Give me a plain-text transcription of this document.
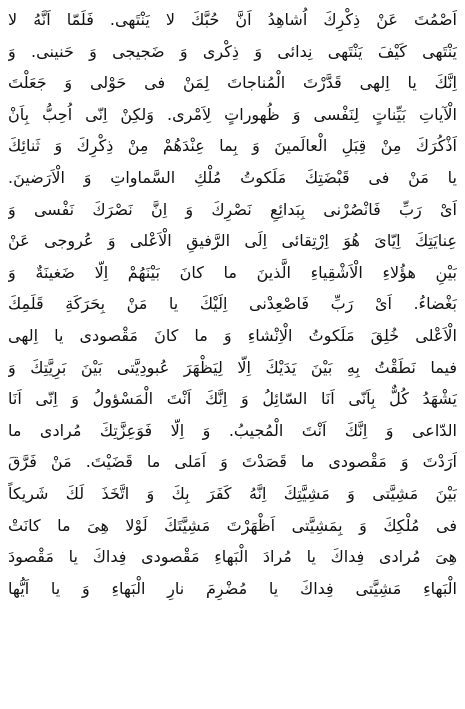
اَصْمُتَ عَنْ ذِكْرِكَ اُشاهِدُ اَنَّ حُبَّكَ لا يَنْتَهى. فَلَمّا اَنَّهُ لا
يَنْتَهى كَيْفَ يَنْتَهى نِدائى وَ ذِكْرى وَ ضَجيجى وَ حَنينى. وَ
اِنَّكَ يا اِلهى قَدَّرْتَ الْمُناجاتَ لِمَنْ فى حَوْلى وَ جَعَلْتَ
الْآياتِ بَيِّناتٍ لِنَفْسى وَ ظُهوراتٍ لِاَمْرى. وَلكِنْ اِنّى اُحِبُّ بِاَنْ
اَذْكُرَكَ مِنْ قِبَلِ الْعالَمينَ وَ بِما عِنْدَهُمْ مِنْ ذِكْرِكَ وَ ثَنائِكَ
يا مَنْ فى قَبْضَتِكَ مَلَكوتُ مُلْكِ السَّماواتِ وَ الْاَرَضينَ.
اَىْ رَبِّ فَانْصُرْنى بِبَدائِعِ نَصْرِكَ وَ اِنَّ نَصْرَكَ نَفْسى وَ
عِنايَتِكَ اِيّاىَ هُوَ اِرْتِقائى اِلَى الرَّفيقِ الْاَعْلى وَ عُروجى عَنْ
بَيْنِ هؤُلاءِ الْاَشْقِياءِ الَّذينَ ما كانَ بَيْنَهُمْ اِلّا ضَغينَةٌ وَ
بَغْضاءُ. اَىْ رَبِّ فَاصْعِدْنى اِلَيْكَ يا مَنْ بِحَرَكَةِ قَلَمِكَ
الْاَعْلى خُلِقَ مَلَكوتُ الْاِنْشاءِ وَ ما كانَ مَقْصودى يا اِلهى
فيما نَطَقْتُ بِهِ بَيْنَ يَدَيْكَ اِلّا لِيَظْهَرَ عُبودِيَّتى بَيْنَ بَرِيَّتِكَ وَ
يَشْهَدُ كُلٌّ بِاَنّى اَنَا السّائِلُ وَ اِنَّكَ اَنْتَ الْمَسْؤولُ وَ اِنّى اَنَا
الدّاعى وَ اِنَّكَ اَنْتَ الْمُجيبُ. وَ اِلّا فَوَعِزَّتِكَ مُرادى ما
اَرَدْتَ وَ مَقْصودى ما قَصَدْتَ وَ اَمَلى ما قَضَيْتَ. مَنْ فَرَّقَ
بَيْنَ مَشِيَّتى وَ مَشِيَّتِكَ اِنَّهُ كَفَرَ بِكَ وَ اتَّخَذَ لَكَ شَريكاً
فى مُلْكِكَ وَ بِمَشِيَّتى اَظْهَرْتَ مَشِيَّتَكَ لَوْلا هِىَ ما كانَتْ
هِىَ مُرادى فِداكَ يا مُرادَ الْبَهاءِ مَقْصودى فِداكَ يا مَقْصودَ
الْبَهاءِ مَشِيَّتى فِداكَ يا مُضْرِمَ نارِ الْبَهاءِ وَ يا اَيُّها
